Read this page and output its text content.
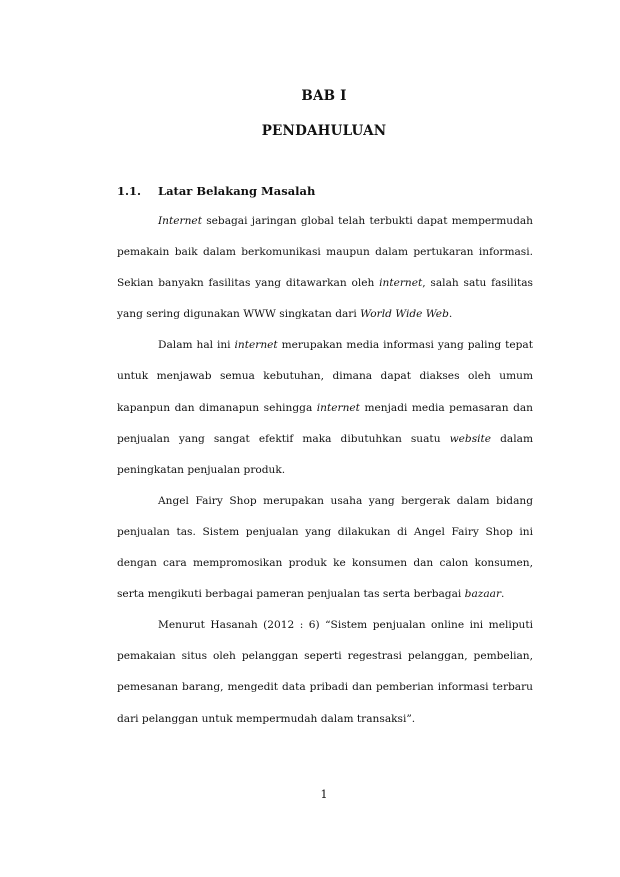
BAB I
PENDAHULUAN
1.1. Latar Belakang Masalah

Internet sebagai jaringan global telah terbukti dapat mempermudah pemakain baik dalam berkomunikasi maupun dalam pertukaran informasi. Sekian banyakn fasilitas yang ditawarkan oleh internet, salah satu fasilitas yang sering digunakan WWW singkatan dari World Wide Web.

Dalam hal ini internet merupakan media informasi yang paling tepat untuk menjawab semua kebutuhan, dimana dapat diakses oleh umum kapanpun dan dimanapun sehingga internet menjadi media pemasaran dan penjualan yang sangat efektif maka dibutuhkan suatu website dalam peningkatan penjualan produk.

Angel Fairy Shop merupakan usaha yang bergerak dalam bidang penjualan tas. Sistem penjualan yang dilakukan di Angel Fairy Shop ini dengan cara mempromosikan produk ke konsumen dan calon konsumen, serta mengikuti berbagai pameran penjualan tas serta berbagai bazaar.

Menurut Hasanah (2012 : 6) “Sistem penjualan online ini meliputi pemakaian situs oleh pelanggan seperti regestrasi pelanggan, pembelian, pemesanan barang, mengedit data pribadi dan pemberian informasi terbaru dari pelanggan untuk mempermudah dalam transaksi”.

1
